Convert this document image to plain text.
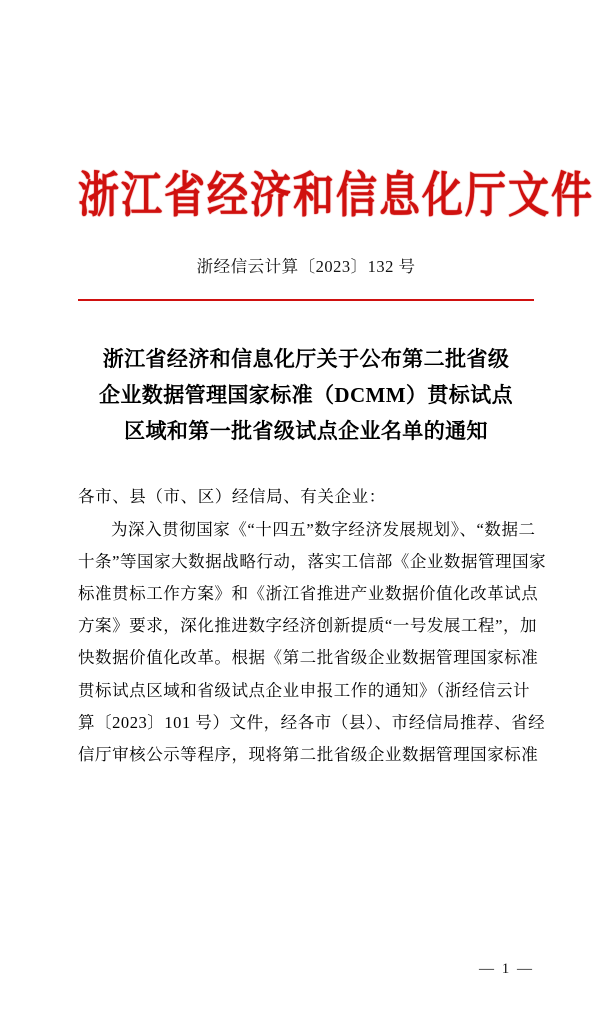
浙江省经济和信息化厅文件
浙经信云计算〔2023〕132 号
浙江省经济和信息化厅关于公布第二批省级
企业数据管理国家标准（DCMM）贯标试点
区域和第一批省级试点企业名单的通知
各市、县（市、区）经信局、有关企业：
为深入贯彻国家《“十四五”数字经济发展规划》、“数据二
十条”等国家大数据战略行动，落实工信部《企业数据管理国家
标准贯标工作方案》和《浙江省推进产业数据价值化改革试点
方案》要求，深化推进数字经济创新提质“一号发展工程”，加
快数据价值化改革。根据《第二批省级企业数据管理国家标准
贯标试点区域和省级试点企业申报工作的通知》（浙经信云计
算〔2023〕101 号）文件，经各市（县）、市经信局推荐、省经
信厅审核公示等程序，现将第二批省级企业数据管理国家标准
— 1 —
